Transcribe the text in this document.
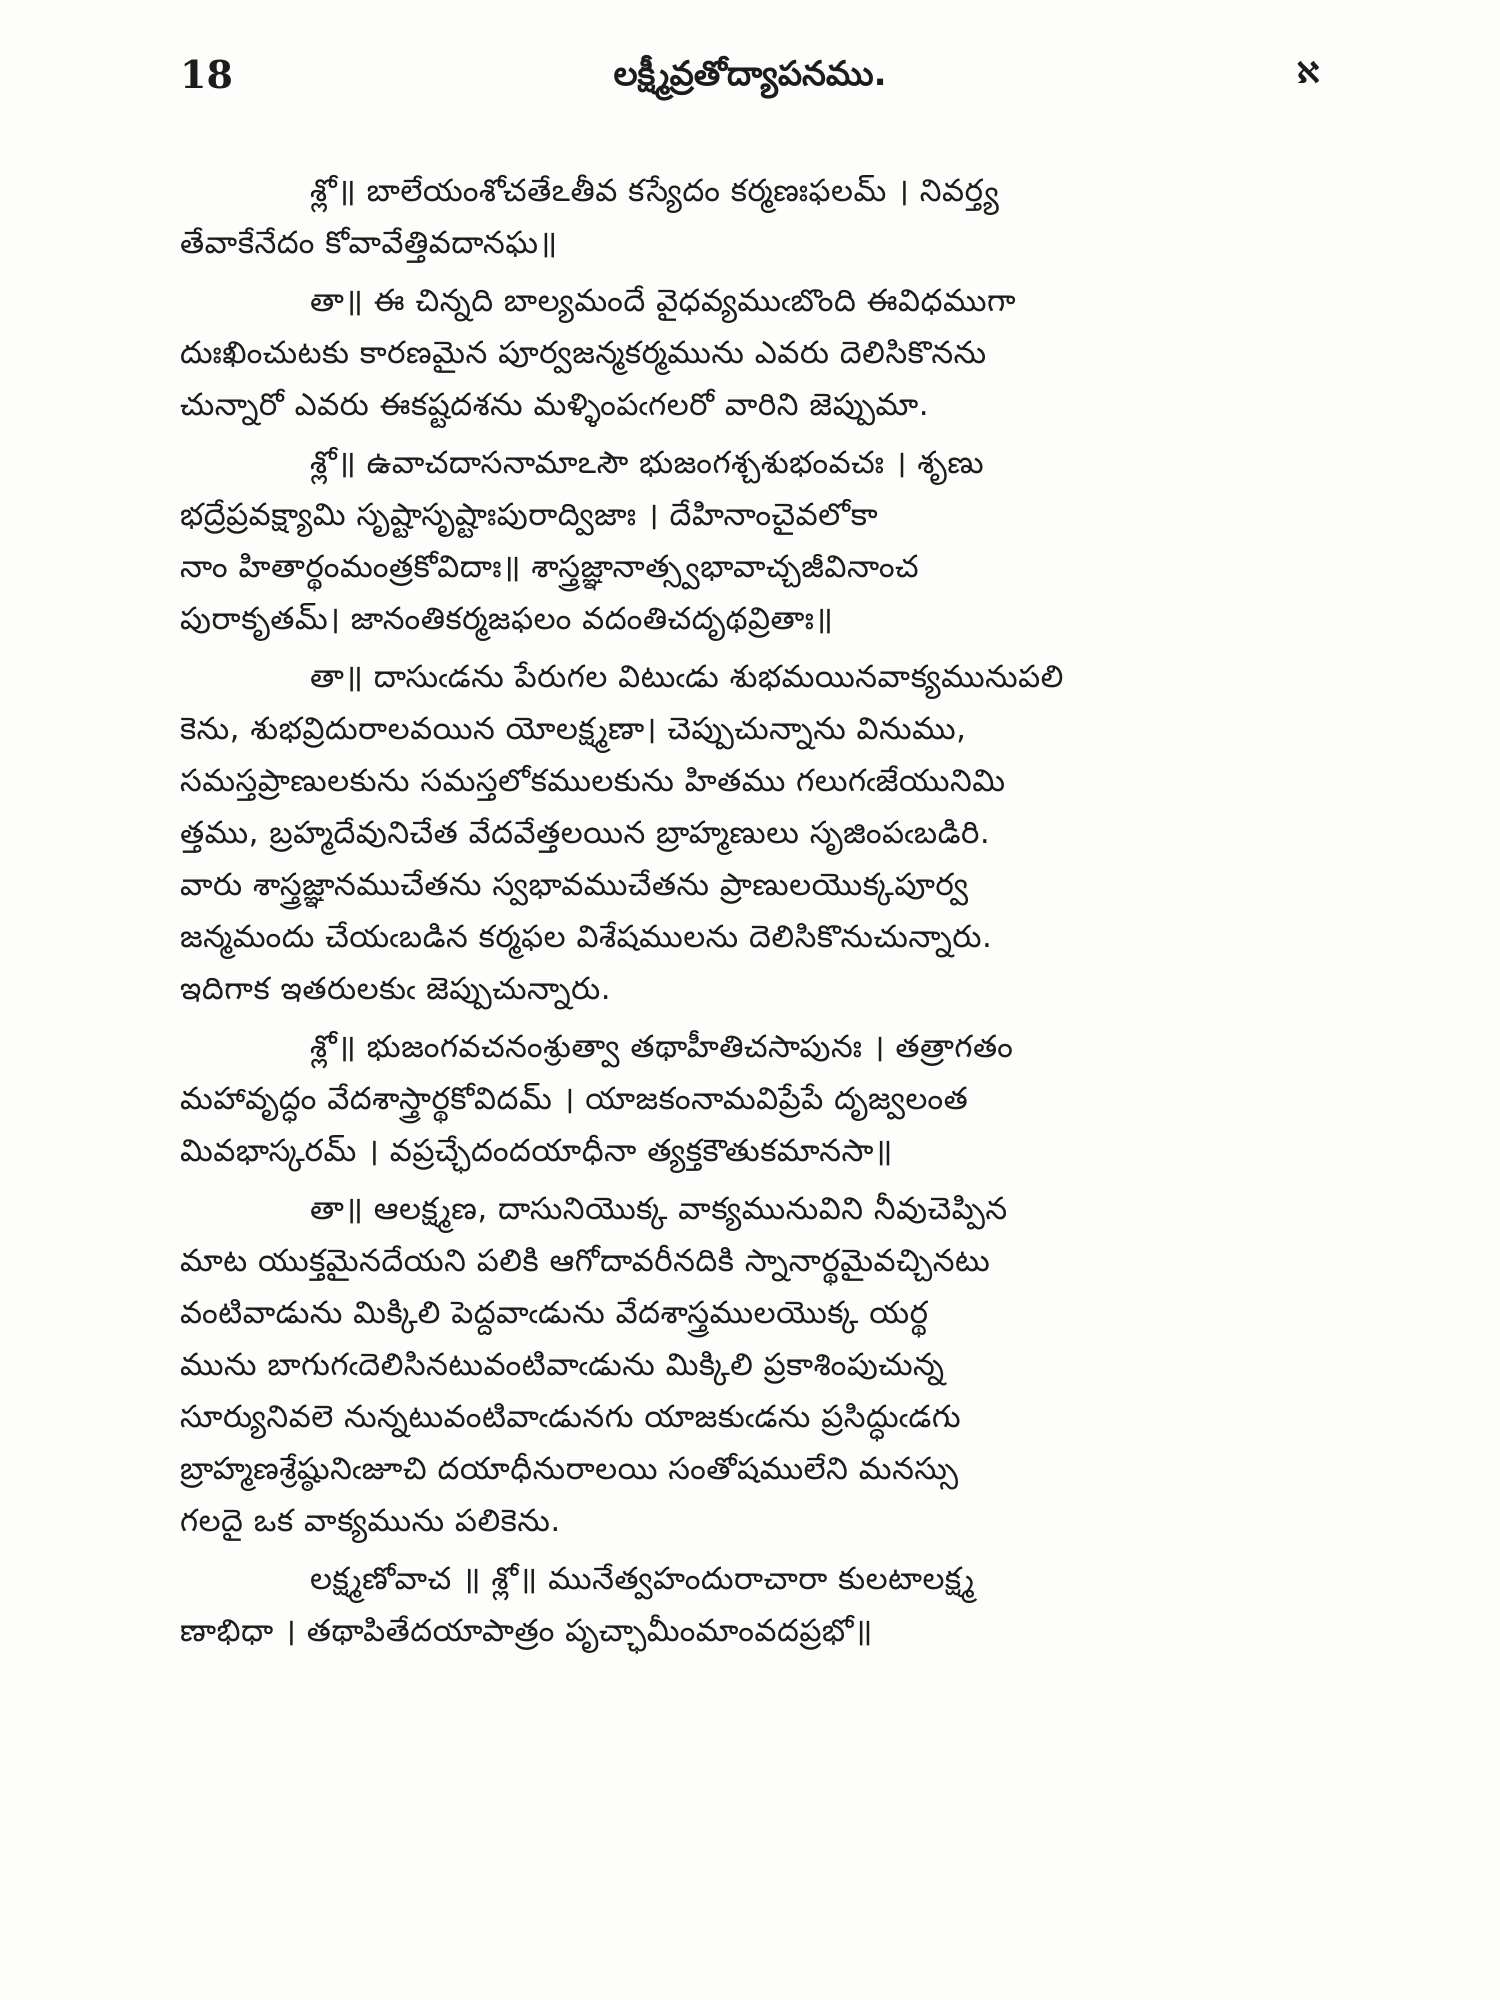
18	లక్ష్మీవ్రతోద్యాపనము.	ℵ
శ్లో॥ బాలేయంశోచతేఽతీవ కస్యేదం కర్మణఃఫలమ్ । నివర్త్య
తేవాకేనేదం కోవావేత్తివదానఘ॥
తా॥ ఈ చిన్నది బాల్యమందే వైధవ్యముఁబొంది ఈవిధముగా
దుఃఖించుటకు కారణమైన పూర్వజన్మకర్మమును ఎవరు దెలిసికొనను
చున్నారో ఎవరు ఈకష్టదశను మళ్ళింపఁగలరో వారిని జెప్పుమా.
శ్లో॥ ఉవాచదాసనామాఽసౌ భుజంగశ్చశుభంవచః । శృణు
భద్రేప్రవక్ష్యామి సృష్టాసృష్టాఃపురాద్విజాః । దేహినాంచైవలోకా
నాం హితార్థంమంత్రకోవిదాః॥ శాస్త్రజ్ఞానాత్స్వభావాచ్చజీవినాంచ
పురాకృతమ్। జానంతికర్మజఫలం వదంతిచదృథవ్రితాః॥
తా॥ దాసుఁడను పేరుగల విటుఁడు శుభమయినవాక్యమునుపలి
కెను, శుభవ్రిదురాలవయిన యోలక్ష్మణా। చెప్పుచున్నాను వినుము,
సమస్తప్రాణులకును సమస్తలోకములకును హితము గలుగఁజేయునిమి
త్తము, బ్రహ్మదేవునిచేత వేదవేత్తలయిన బ్రాహ్మణులు సృజింపఁబడిరి.
వారు శాస్త్రజ్ఞానముచేతను స్వభావముచేతను ప్రాణులయొక్కపూర్వ
జన్మమందు చేయఁబడిన కర్మఫల విశేషములను దెలిసికొనుచున్నారు.
ఇదిగాక ఇతరులకుఁ జెప్పుచున్నారు.
శ్లో॥ భుజంగవచనంశ్రుత్వా తథాహీతిచసాపునః । తత్రాగతం
మహావృద్ధం వేదశాస్త్రార్థకోవిదమ్ । యాజకంనామవిప్రేపే దృజ్వలంత
మివభాస్కరమ్ । వప్రచ్ఛేదందయాధీనా త్యక్తకౌతుకమానసా॥
తా॥ ఆలక్ష్మణ, దాసునియొక్క వాక్యమునువిని నీవుచెప్పిన
మాట యుక్తమైనదేయని పలికి ఆగోదావరీనదికి స్నానార్థమైవచ్చినటు
వంటివాడును మిక్కిలి పెద్దవాఁడును వేదశాస్త్రములయొక్క యర్థ
మును బాగుగఁదెలిసినటువంటివాఁడును మిక్కిలి ప్రకాశింపుచున్న
సూర్యునివలె నున్నటువంటివాఁడునగు యాజకుఁడను ప్రసిద్ధుఁడగు
బ్రాహ్మణశ్రేష్ఠునిఁజూచి దయాధీనురాలయి సంతోషములేని మనస్సు
గలదై ఒక వాక్యమును పలికెను.
లక్ష్మణోవాచ ॥ శ్లో॥ మునేత్వహందురాచారా కులటాలక్ష్మ
ణాభిధా । తథాపితేదయాపాత్రం పృచ్ఛామీంమాంవదప్రభో॥
